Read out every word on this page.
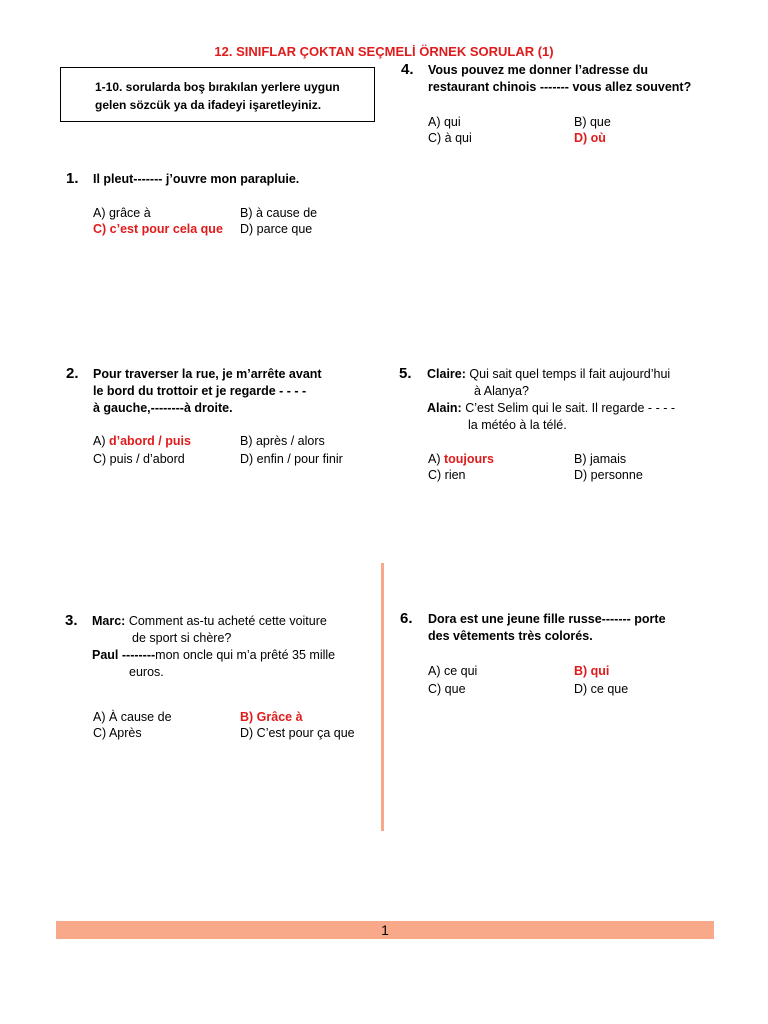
12. SINIFLAR ÇOKTAN SEÇMELİ ÖRNEK SORULAR (1)
1-10. sorularda boş bırakılan yerlere uygun
gelen sözcük ya da ifadeyi işaretleyiniz.
1. Il pleut------- j’ouvre mon parapluie.
A) grâce à	B) à cause de
C) c’est pour cela que D) parce que
4. Vous pouvez me donner l’adresse du
restaurant chinois ------- vous allez souvent?
A) qui	B) que
C) à qui	D) où
2. Pour traverser la rue, je m’arrête avant
le bord du trottoir et je regarde - - - -
à gauche,--------à droite.
A) d’abord / puis	B) après / alors
C) puis / d’abord	D) enfin / pour finir
5. Claire: Qui sait quel temps il fait aujourd’hui
à Alanya?
Alain: C’est Selim qui le sait. Il regarde - - - -
la météo à la télé.
A) toujours	B) jamais
C) rien	D) personne
3. Marc: Comment as-tu acheté cette voiture
de sport si chère?
Paul --------mon oncle qui m’a prêté 35 mille
euros.
A) À cause de	B) Grâce à
C) Après	D) C’est pour ça que
6. Dora est une jeune fille russe------- porte
des vêtements très colorés.
A) ce qui	B) qui
C) que	D) ce que
1
